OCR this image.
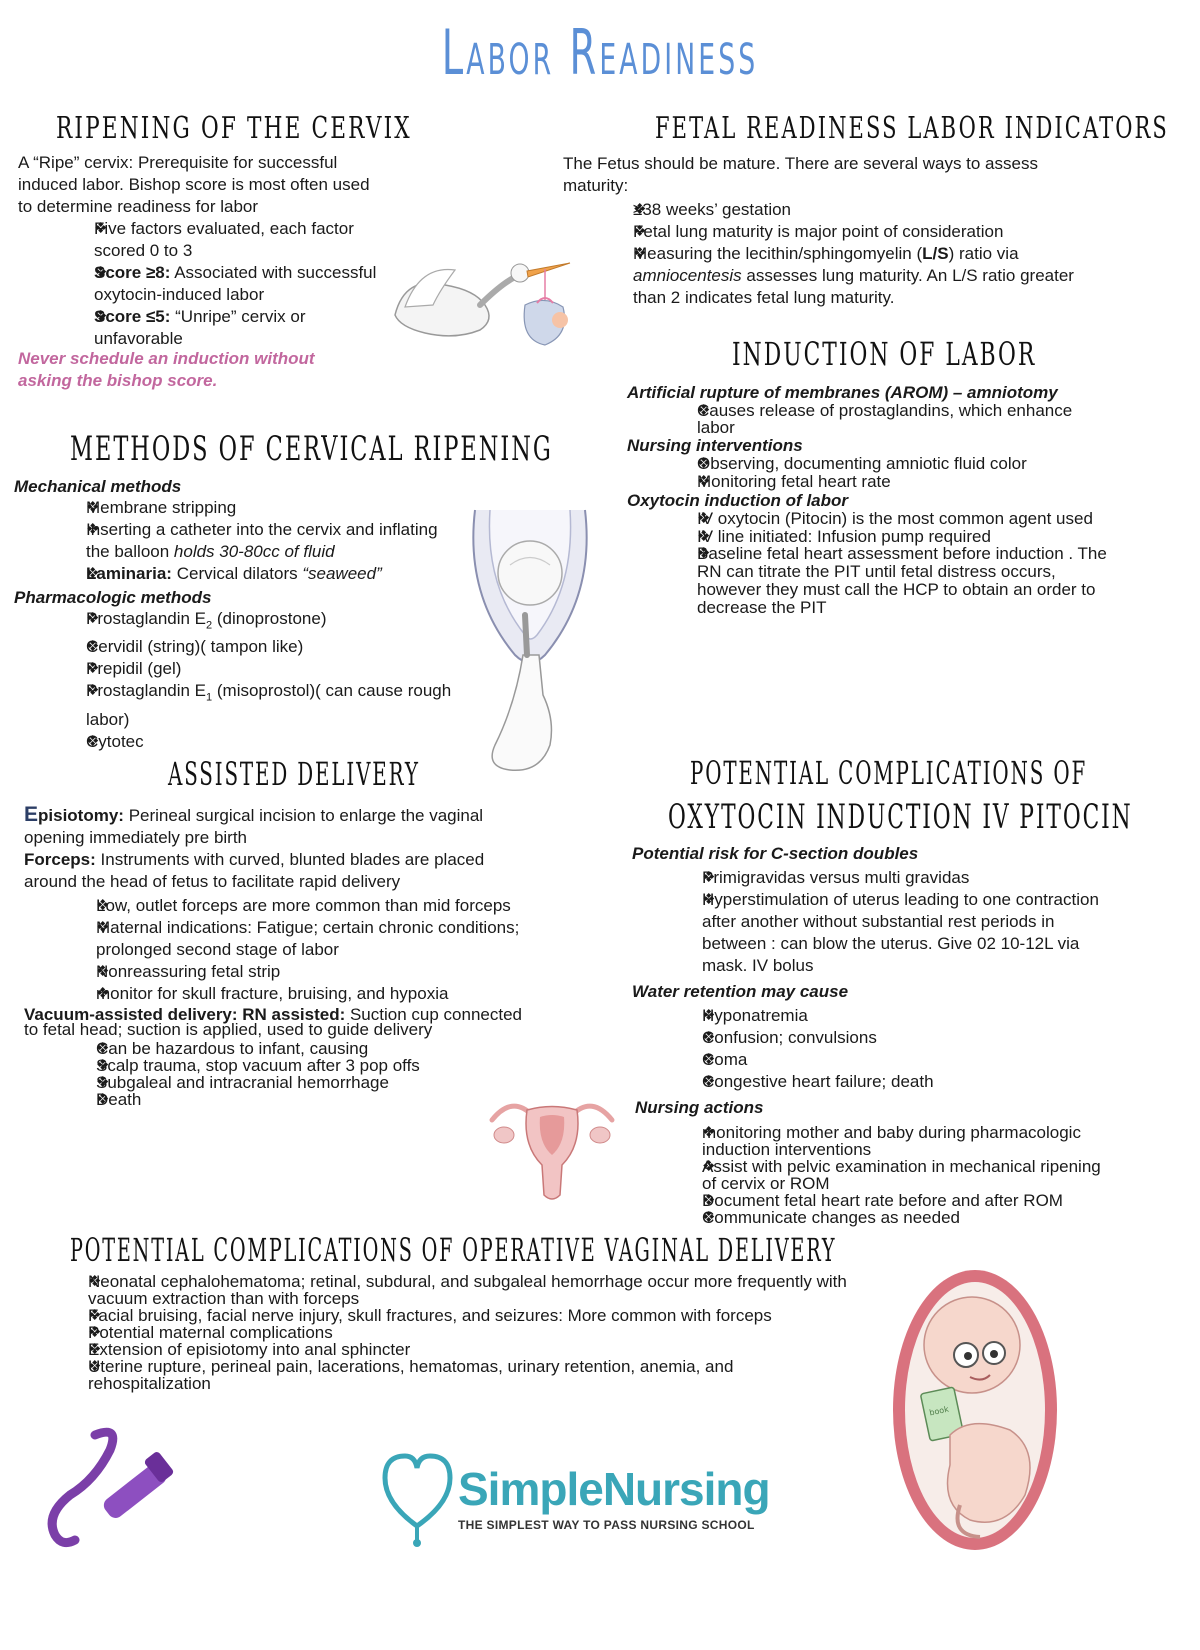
Labor Readiness
RIPENING OF THE CERVIX
A “Ripe” cervix: Prerequisite for successful induced labor. Bishop score is most often used to determine readiness for labor
❖ Five factors evaluated, each factor scored 0 to 3
❖ Score ≥8: Associated with successful oxytocin-induced labor
❖ Score ≤5: “Unripe” cervix or unfavorable
Never schedule an induction without asking the bishop score.
FETAL READINESS LABOR INDICATORS
The Fetus should be mature. There are several ways to assess maturity:
❖ ≥38 weeks’ gestation
❖ Fetal lung maturity is major point of consideration
❖ Measuring the lecithin/sphingomyelin (L/S) ratio via amniocentesis assesses lung maturity. An L/S ratio greater than 2 indicates fetal lung maturity.
INDUCTION OF LABOR
Artificial rupture of membranes (AROM) – amniotomy
❖ Causes release of prostaglandins, which enhance labor
Nursing interventions
❖ Observing, documenting amniotic fluid color
❖ Monitoring fetal heart rate
Oxytocin induction of labor
❖ IV oxytocin (Pitocin) is the most common agent used
❖ IV line initiated: Infusion pump required
❖ Baseline fetal heart assessment before induction . The RN can titrate the PIT until fetal distress occurs, however they must call the HCP to obtain an order to decrease the PIT
METHODS OF CERVICAL RIPENING
Mechanical methods
❖ Membrane stripping
❖ Inserting a catheter into the cervix and inflating the balloon holds 30-80cc of fluid
❖ Laminaria: Cervical dilators “seaweed”
Pharmacologic methods
❖ Prostaglandin $E_2$ (dinoprostone)
❖ Cervidil (string)( tampon like)
❖ Prepidil (gel)
❖ Prostaglandin $E_1$ (misoprostol)( can cause rough labor)
❖ Cytotec
ASSISTED DELIVERY
Episiotomy: Perineal surgical incision to enlarge the vaginal opening immediately pre birth
Forceps: Instruments with curved, blunted blades are placed around the head of fetus to facilitate rapid delivery
❖ Low, outlet forceps are more common than mid forceps
❖ Maternal indications: Fatigue; certain chronic conditions; prolonged second stage of labor
❖ Nonreassuring fetal strip
❖ monitor for skull fracture, bruising, and hypoxia
Vacuum-assisted delivery: RN assisted: Suction cup connected to fetal head; suction is applied, used to guide delivery
❖ Can be hazardous to infant, causing
❖ Scalp trauma, stop vacuum after 3 pop offs
❖ Subgaleal and intracranial hemorrhage
❖ Death
POTENTIAL COMPLICATIONS OF
OXYTOCIN INDUCTION IV PITOCIN
Potential risk for C-section doubles
❖ Primigravidas versus multi gravidas
❖ Hyperstimulation of uterus leading to one contraction after another without substantial rest periods in between : can blow the uterus. Give 02 10-12L via mask. IV bolus
Water retention may cause
❖ Hyponatremia
❖ Confusion; convulsions
❖ Coma
❖ Congestive heart failure; death
Nursing actions
❖ monitoring mother and baby during pharmacologic induction interventions
❖ Assist with pelvic examination in mechanical ripening of cervix or ROM
❖ Document fetal heart rate before and after ROM
❖ Communicate changes as needed
POTENTIAL COMPLICATIONS OF OPERATIVE VAGINAL DELIVERY
❖ Neonatal cephalohematoma; retinal, subdural, and subgaleal hemorrhage occur more frequently with vacuum extraction than with forceps
❖ Facial bruising, facial nerve injury, skull fractures, and seizures: More common with forceps
❖ Potential maternal complications
❖ Extension of episiotomy into anal sphincter
❖ Uterine rupture, perineal pain, lacerations, hematomas, urinary retention, anemia, and rehospitalization
book
SimpleNursing
THE SIMPLEST WAY TO PASS NURSING SCHOOL
